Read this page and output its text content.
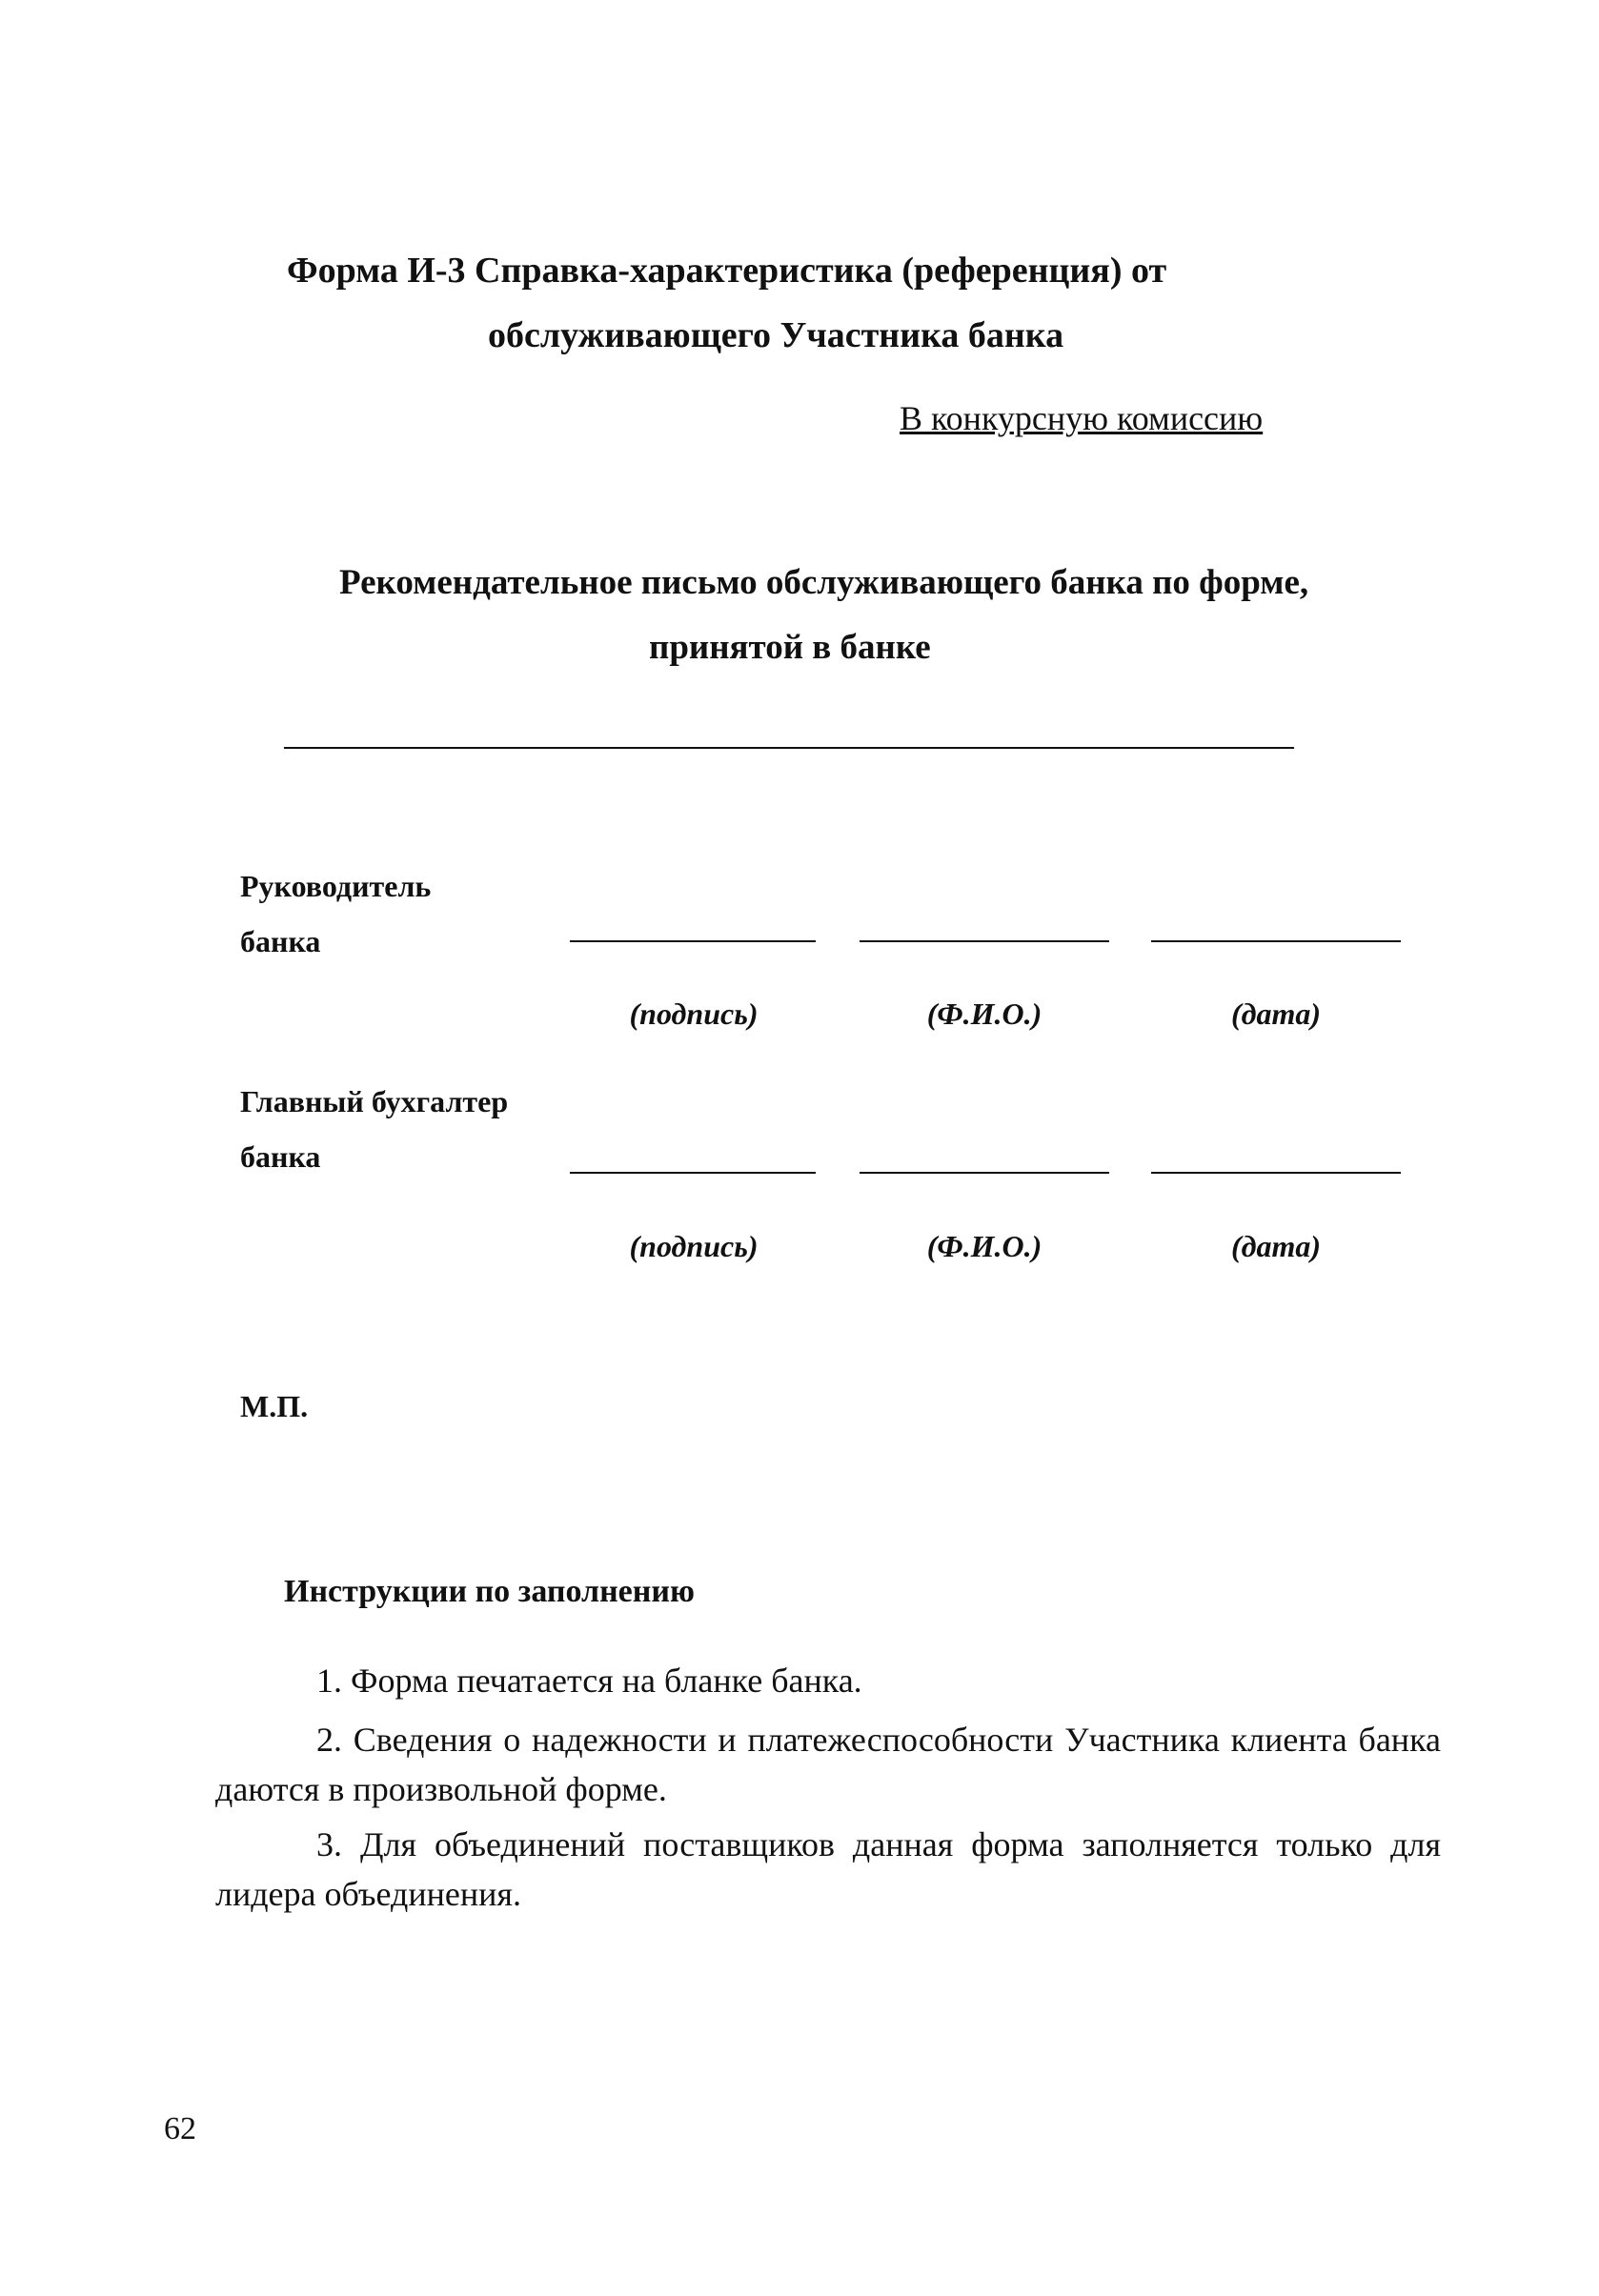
Форма И-3 Справка-характеристика (референция) от
обслуживающего Участника банка
В конкурсную комиссию
Рекомендательное письмо обслуживающего банка по форме,
принятой в банке
Руководитель
банка
(подпись)	(Ф.И.О.)	(дата)
Главный бухгалтер
банка
(подпись)	(Ф.И.О.)	(дата)
М.П.
Инструкции по заполнению
1. Форма печатается на бланке банка.
2. Сведения о надежности и платежеспособности Участника клиента банка даются в произвольной форме.
3. Для объединений поставщиков данная форма заполняется только для лидера объединения.
62
